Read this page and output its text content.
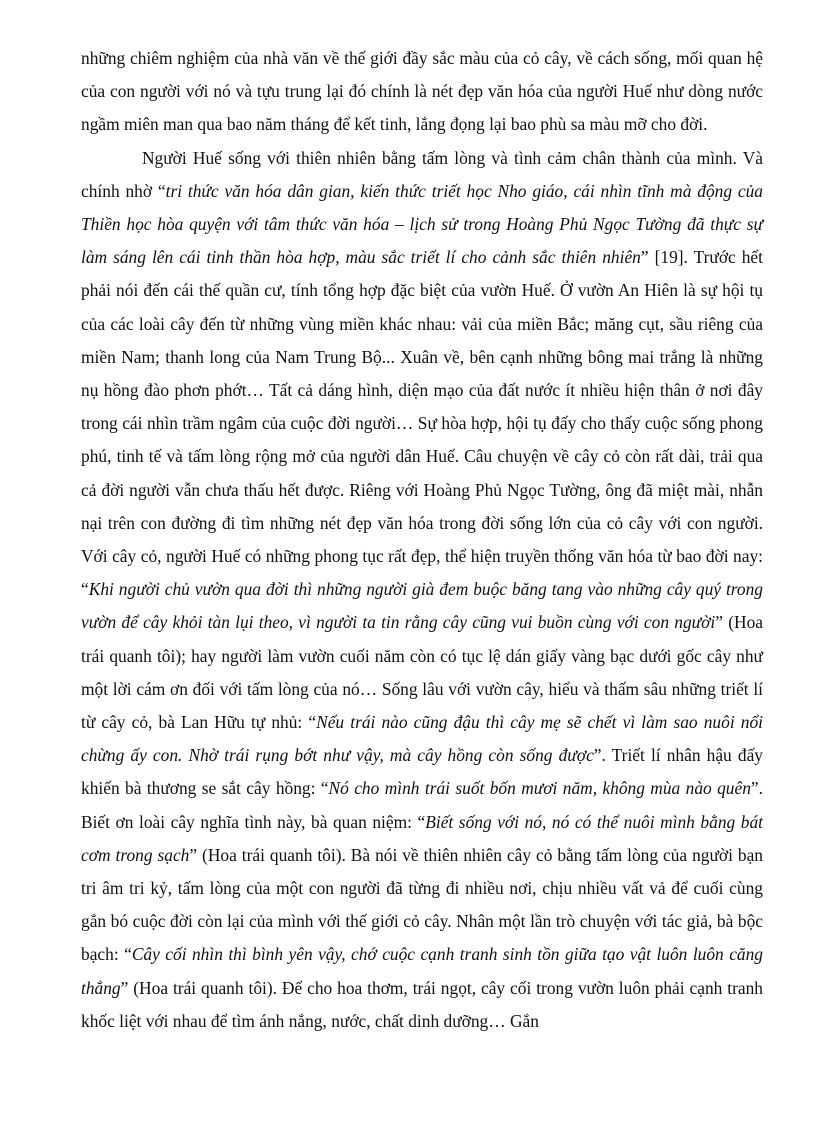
những chiêm nghiệm của nhà văn về thế giới đầy sắc màu của cỏ cây, về cách sống, mối quan hệ của con người với nó và tựu trung lại đó chính là nét đẹp văn hóa của người Huế như dòng nước ngầm miên man qua bao năm tháng để kết tinh, lắng đọng lại bao phù sa màu mỡ cho đời.

Người Huế sống với thiên nhiên bằng tấm lòng và tình cảm chân thành của mình. Và chính nhờ “tri thức văn hóa dân gian, kiến thức triết học Nho giáo, cái nhìn tĩnh mà động của Thiền học hòa quyện với tâm thức văn hóa – lịch sử trong Hoàng Phủ Ngọc Tường đã thực sự làm sáng lên cái tinh thần hòa hợp, màu sắc triết lí cho cảnh sắc thiên nhiên” [19]. Trước hết phải nói đến cái thế quần cư, tính tổng hợp đặc biệt của vườn Huế. Ở vườn An Hiên là sự hội tụ của các loài cây đến từ những vùng miền khác nhau: vải của miền Bắc; măng cụt, sầu riêng của miền Nam; thanh long của Nam Trung Bộ... Xuân về, bên cạnh những bông mai trắng là những nụ hồng đào phơn phớt… Tất cả dáng hình, diện mạo của đất nước ít nhiều hiện thân ở nơi đây trong cái nhìn trầm ngâm của cuộc đời người… Sự hòa hợp, hội tụ đấy cho thấy cuộc sống phong phú, tinh tế và tấm lòng rộng mở của người dân Huế. Câu chuyện về cây cỏ còn rất dài, trải qua cả đời người vẫn chưa thấu hết được. Riêng với Hoàng Phủ Ngọc Tường, ông đã miệt mài, nhẫn nại trên con đường đi tìm những nét đẹp văn hóa trong đời sống lớn của cỏ cây với con người. Với cây cỏ, người Huế có những phong tục rất đẹp, thể hiện truyền thống văn hóa từ bao đời nay: “Khi người chủ vườn qua đời thì những người già đem buộc băng tang vào những cây quý trong vườn để cây khỏi tàn lụi theo, vì người ta tin rằng cây cũng vui buồn cùng với con người” (Hoa trái quanh tôi); hay người làm vườn cuối năm còn có tục lệ dán giấy vàng bạc dưới gốc cây như một lời cám ơn đối với tấm lòng của nó… Sống lâu với vườn cây, hiểu và thấm sâu những triết lí từ cây cỏ, bà Lan Hữu tự nhủ: “Nếu trái nào cũng đậu thì cây mẹ sẽ chết vì làm sao nuôi nổi chừng ấy con. Nhờ trái rụng bớt như vậy, mà cây hồng còn sống được”. Triết lí nhân hậu đấy khiến bà thương se sắt cây hồng: “Nó cho mình trái suốt bốn mươi năm, không mùa nào quên”. Biết ơn loài cây nghĩa tình này, bà quan niệm: “Biết sống với nó, nó có thể nuôi mình bằng bát cơm trong sạch” (Hoa trái quanh tôi). Bà nói về thiên nhiên cây cỏ bằng tấm lòng của người bạn tri âm tri kỷ, tấm lòng của một con người đã từng đi nhiều nơi, chịu nhiều vất vả để cuối cùng gắn bó cuộc đời còn lại của mình với thế giới cỏ cây. Nhân một lần trò chuyện với tác giả, bà bộc bạch: “Cây cối nhìn thì bình yên vậy, chớ cuộc cạnh tranh sinh tồn giữa tạo vật luôn luôn căng thẳng” (Hoa trái quanh tôi). Để cho hoa thơm, trái ngọt, cây cối trong vườn luôn phải cạnh tranh khốc liệt với nhau để tìm ánh nắng, nước, chất dinh dưỡng… Gắn
